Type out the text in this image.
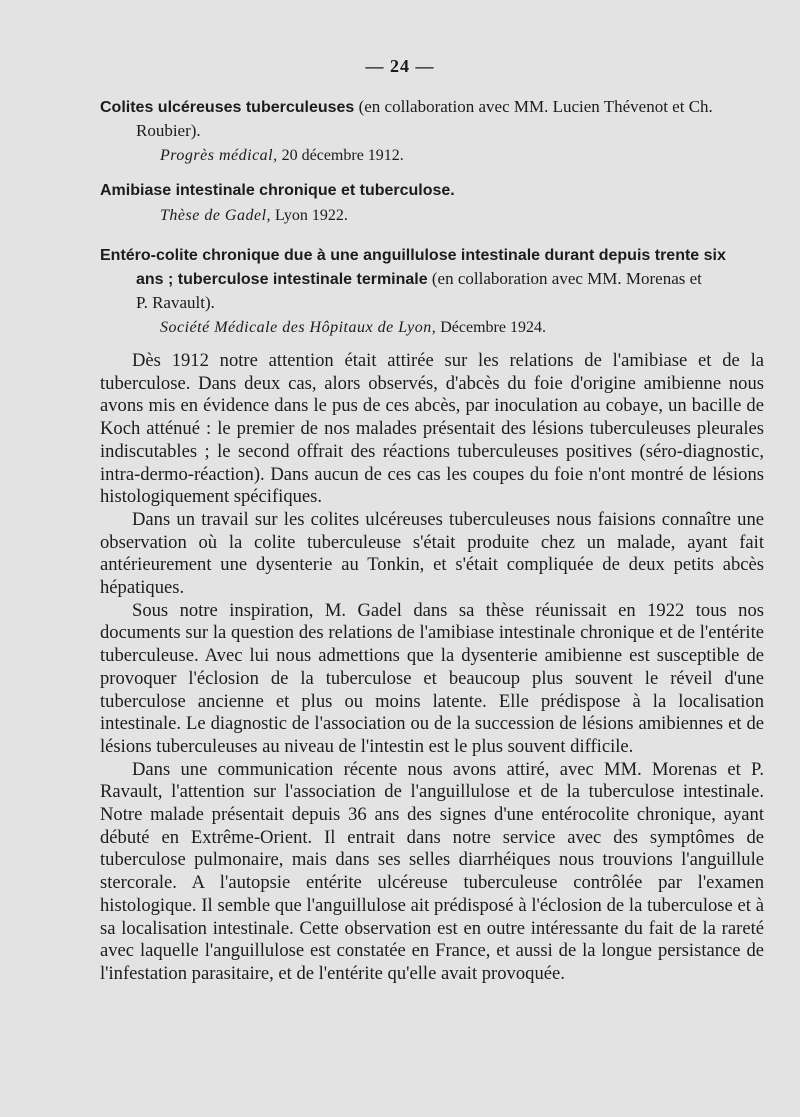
— 24 —
Colites ulcéreuses tuberculeuses (en collaboration avec MM. Lucien Thévenot et Ch.
Roubier).
Progrès médical, 20 décembre 1912.
Amibiase intestinale chronique et tuberculose.
Thèse de Gadel, Lyon 1922.
Entéro-colite chronique due à une anguillulose intestinale durant depuis trente six
ans ; tuberculose intestinale terminale (en collaboration avec MM. Morenas et
P. Ravault).
Société Médicale des Hôpitaux de Lyon, Décembre 1924.

Dès 1912 notre attention était attirée sur les relations de l'amibiase et de la tuberculose. Dans deux cas, alors observés, d'abcès du foie d'origine amibienne nous avons mis en évidence dans le pus de ces abcès, par inoculation au cobaye, un bacille de Koch atténué : le premier de nos malades présentait des lésions tuberculeuses pleurales indiscutables ; le second offrait des réactions tuberculeuses positives (séro-diagnostic, intra-dermo-réaction). Dans aucun de ces cas les coupes du foie n'ont montré de lésions histologiquement spécifiques.

Dans un travail sur les colites ulcéreuses tuberculeuses nous faisions connaître une observation où la colite tuberculeuse s'était produite chez un malade, ayant fait antérieurement une dysenterie au Tonkin, et s'était compliquée de deux petits abcès hépatiques.

Sous notre inspiration, M. Gadel dans sa thèse réunissait en 1922 tous nos documents sur la question des relations de l'amibiase intestinale chronique et de l'entérite tuberculeuse. Avec lui nous admettions que la dysenterie amibienne est susceptible de provoquer l'éclosion de la tuberculose et beaucoup plus souvent le réveil d'une tuberculose ancienne et plus ou moins latente. Elle prédispose à la localisation intestinale. Le diagnostic de l'association ou de la succession de lésions amibiennes et de lésions tuberculeuses au niveau de l'intestin est le plus souvent difficile.

Dans une communication récente nous avons attiré, avec MM. Morenas et P. Ravault, l'attention sur l'association de l'anguillulose et de la tuberculose intestinale. Notre malade présentait depuis 36 ans des signes d'une entérocolite chronique, ayant débuté en Extrême-Orient. Il entrait dans notre service avec des symptômes de tuberculose pulmonaire, mais dans ses selles diarrhéiques nous trouvions l'anguillule stercorale. A l'autopsie entérite ulcéreuse tuberculeuse contrôlée par l'examen histologique. Il semble que l'anguillulose ait prédisposé à l'éclosion de la tuberculose et à sa localisation intestinale. Cette observation est en outre intéressante du fait de la rareté avec laquelle l'anguillulose est constatée en France, et aussi de la longue persistance de l'infestation parasitaire, et de l'entérite qu'elle avait provoquée.
